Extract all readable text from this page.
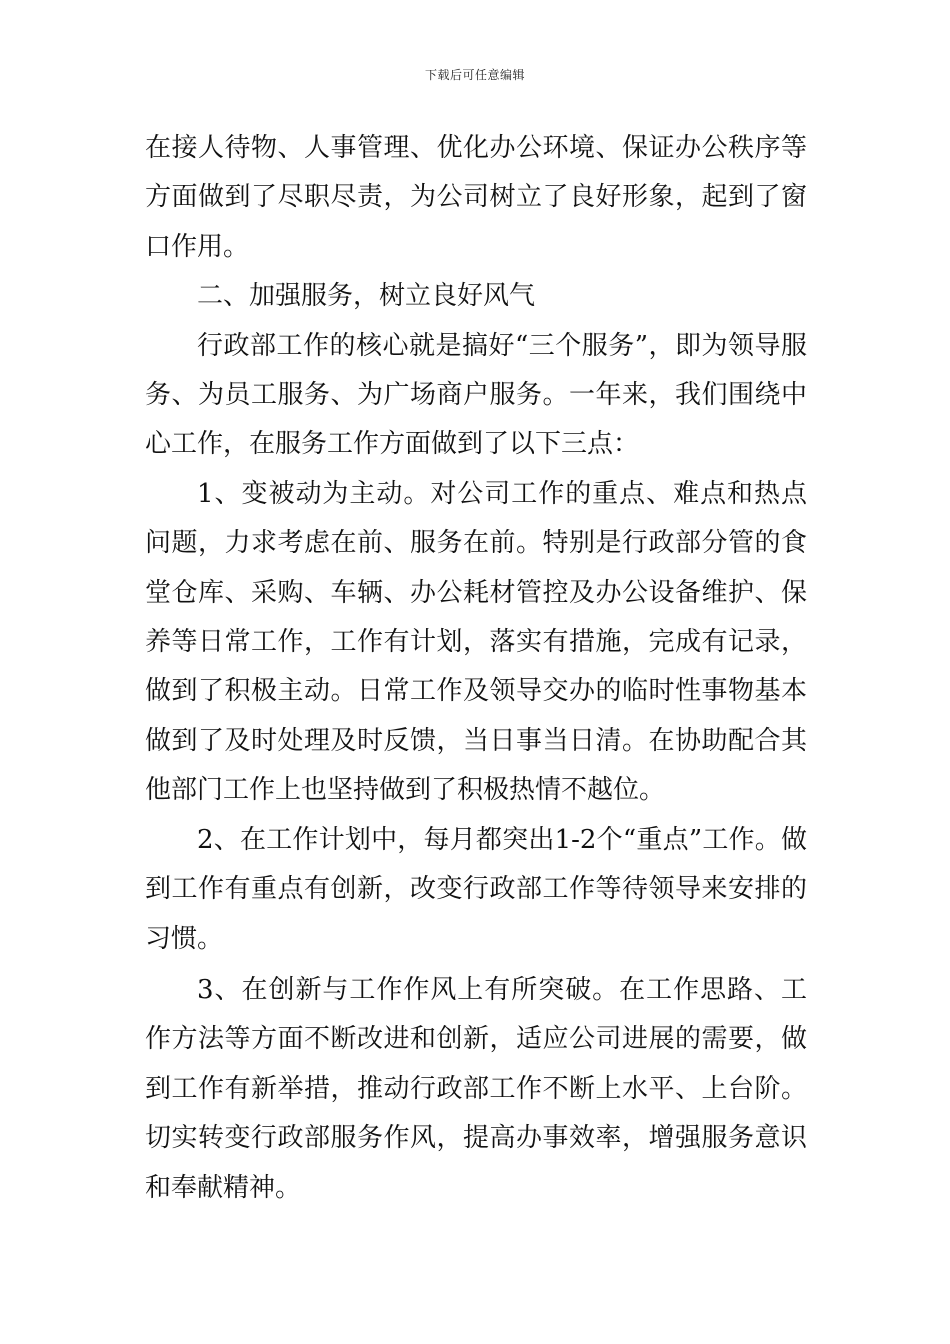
下载后可任意编辑

在接人待物、人事管理、优化办公环境、保证办公秩序等方面做到了尽职尽责，为公司树立了良好形象，起到了窗口作用。

二、加强服务，树立良好风气

行政部工作的核心就是搞好“三个服务”，即为领导服务、为员工服务、为广场商户服务。一年来，我们围绕中心工作，在服务工作方面做到了以下三点：

1、变被动为主动。对公司工作的重点、难点和热点问题，力求考虑在前、服务在前。特别是行政部分管的食堂仓库、采购、车辆、办公耗材管控及办公设备维护、保养等日常工作，工作有计划，落实有措施，完成有记录，做到了积极主动。日常工作及领导交办的临时性事物基本做到了及时处理及时反馈，当日事当日清。在协助配合其他部门工作上也坚持做到了积极热情不越位。

2、在工作计划中，每月都突出1-2个“重点”工作。做到工作有重点有创新，改变行政部工作等待领导来安排的习惯。

3、在创新与工作作风上有所突破。在工作思路、工作方法等方面不断改进和创新，适应公司进展的需要，做到工作有新举措，推动行政部工作不断上水平、上台阶。切实转变行政部服务作风，提高办事效率，增强服务意识和奉献精神。
